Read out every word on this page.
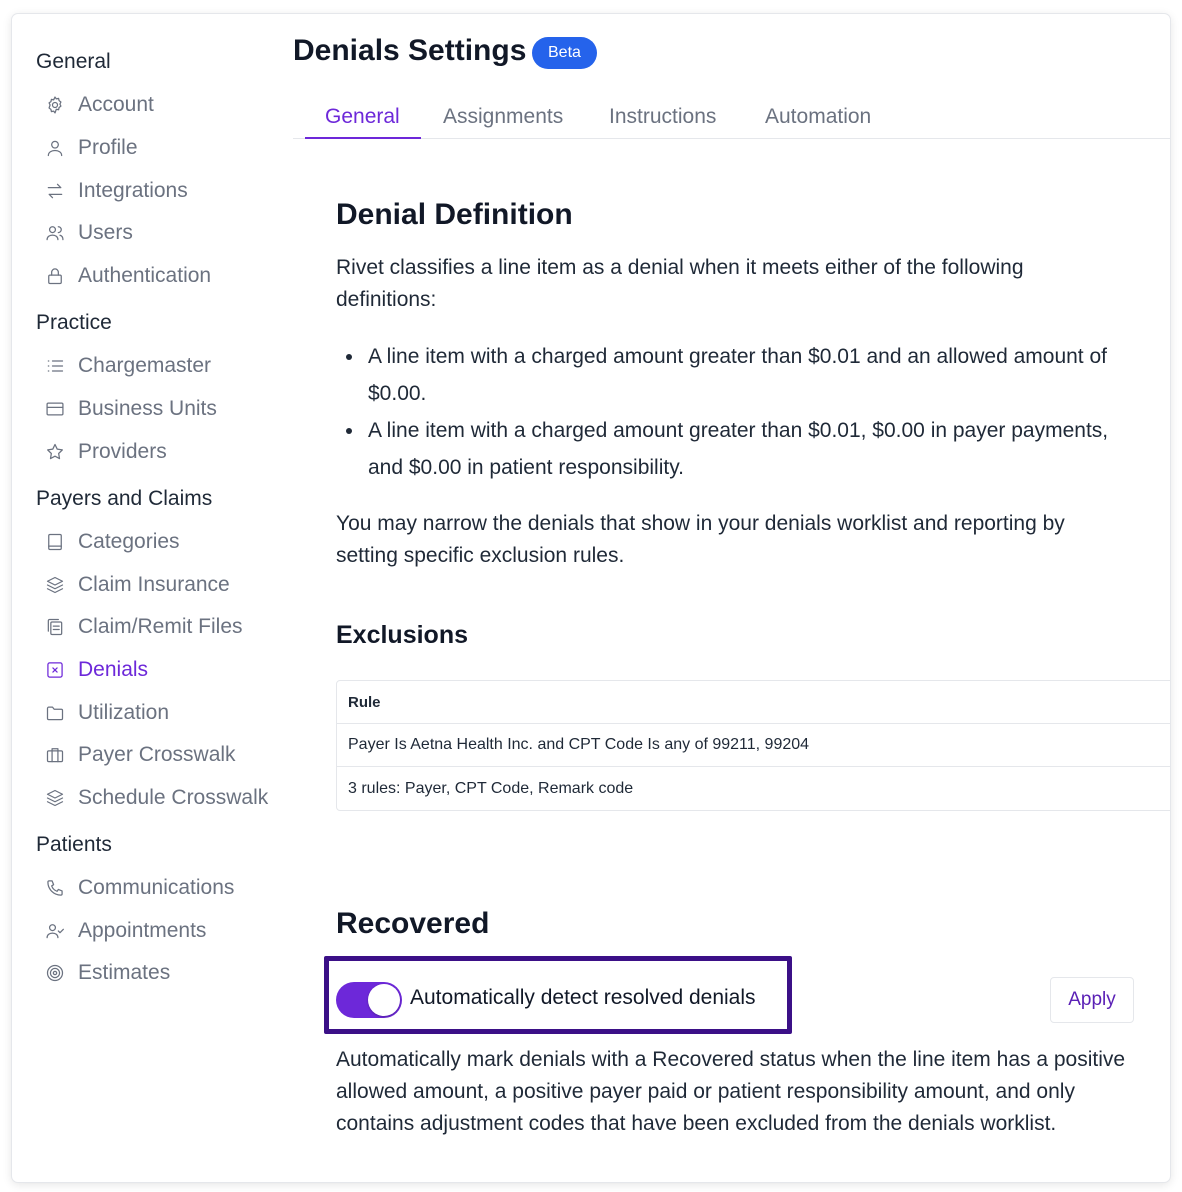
General
Account
Profile
Integrations
Users
Authentication
Practice
Chargemaster
Business Units
Providers
Payers and Claims
Categories
Claim Insurance
Claim/Remit Files
Denials
Utilization
Payer Crosswalk
Schedule Crosswalk
Patients
Communications
Appointments
Estimates
Denials Settings	Beta
General Assignments Instructions Automation
Denial Definition

Rivet classifies a line item as a denial when it meets either of the following definitions:

A line item with a charged amount greater than $0.01 and an allowed amount of $0.00.
A line item with a charged amount greater than $0.01, $0.00 in payer payments, and $0.00 in patient responsibility.

You may narrow the denials that show in your denials worklist and reporting by setting specific exclusion rules.

Exclusions
Rule
Payer Is Aetna Health Inc. and CPT Code Is any of 99211, 99204
3 rules: Payer, CPT Code, Remark code
Recovered

Automatically mark denials with a Recovered status when the line item has a positive allowed amount, a positive payer paid or patient responsibility amount, and only contains adjustment codes that have been excluded from the denials worklist.

Automatically detect resolved denials	Apply
